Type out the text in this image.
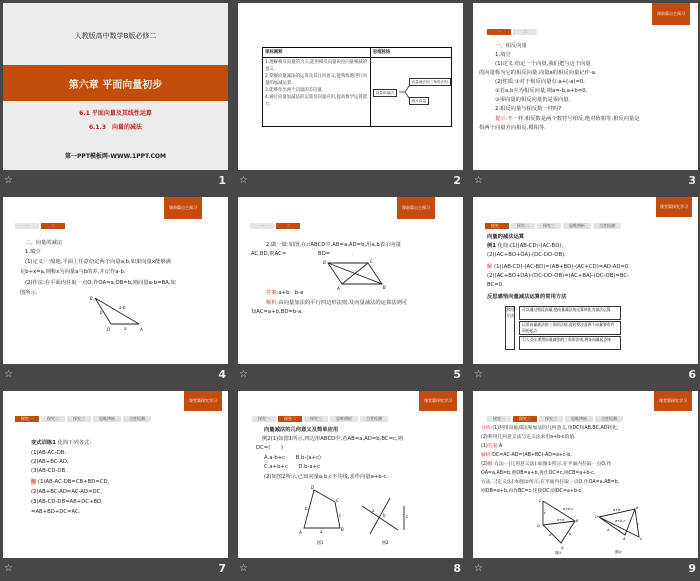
人教版高中数学B版必修二
第六章 平面向量初步
6.1 平面向量及其线性运算
6.1.3　向量的减法
第一PPT模板网-WWW.1PPT.COM
☆	1
课标阐释	思维脉络

1.理解相反向量的含义,能用相反向量说出向量相减的意义.
2.掌握向量减法的运算及其几何意义,能熟练地进行向量的加减运算.
3.能够作出两个向量的差向量.
4.通过向量加减法的运算及向量应用,提高数学运算能力.

向量的减法
向量减法的三角形法则
相反向量
☆	2
课前篇自主预习
一	二
一、相反向量
1.填空
(1)定义:给定一个向量,我们把与这个向量
的向量称为它的相反向量.向量a的相反向量记作-a.
(2)性质:①对于相反向量有:a+(-a)=0.
②若a,b互为相反向量,则a=-b,a+b=0.
③零向量的相反向量仍是零向量.
2.相反向量与相反数一样吗?
提示:不一样,相反数是两个数符号相反,绝对值相等,相反向量是
指两个向量方向相反,模相等.
☆	3
课前篇自主预习
一	二
二、向量的减法
1.填空
(1)定义:一般地,平面上任意给定两个向量a,b,如果向量x能够满
足b+x=a,则称x为向量a与b的差,并记作a-b.
(2)作法:在平面内任取一点O,作OA=a,OB=b,则向量a-b=BA,如
图所示.
B
O	A
b
a
a-b
☆	4
课前篇自主预习
一	二
2.做一做:如图,在▱ABCD中,AB=a,AD=b,用a,b表示向量
AC,BD,则AC=　　　　　　BD=　　　　.
D	C
A	B
答案:a+b　b-a
解析:由向量加法的平行四边形法则,及向量减法的运算法则可
知AC=a+b,BD=b-a.
☆	5
课堂篇探究学习
探究一	探究二	探究三	思维辨析	当堂检测
向量的减法运算
例1 化简:(1)(AB-CD)-(AC-BD);
(2)(AC+BO+OA)-(DC-DO-OB).
解 (1)(AB-CD)-(AC-BD)=(AB+BD)-(AC+CD)=AD-AD=0.
(2)(AC+BO+OA)-(DC-DO-OB)=(AC+BA)-(OC-OB)=BC-
BC=0.
反思感悟向量减法运算的常用方法
常用方法
可以通过相反向量,把向量减法的运算转化为加法运算
运用向量减法的三角形法则,此时要注意两个向量要有共同的起点
引入点O,逆用向量减法的三角形法则,将各向量起点统一
☆	6
课堂篇探究学习
探究一	探究二	探究三	思维辨析	当堂检测
变式训练1 化简下列各式:
(1)AB-AC-DB;
(2)AB+BC-AD;
(3)AB-CD-DB.
解 (1)AB-AC-DB=CB+BD=CD.
(2)AB+BC-AD=AC-AD=DC.
(3)AB-CD-DB=AB+DC+BD
=AB+BD+DC=AC.
☆	7
课堂篇探究学习
探究一	探究二	探究三	思维辨析	当堂检测
向量减法的几何意义及简单应用
例2(1)如图1所示,四边形ABCD中,若AB=a,AD=b,BC=c,则
DC=(　　)
A.a-b+c　　B.b-(a+c)
C.a+b+c　　D.b-a+c
(2)如图2所示,已知向量a,b,c不共线,求作向量a+b-c.
D
C
B
A
b
a
c
图1
a
b	c
图2
☆	8
课堂篇探究学习
探究一	探究二	探究三	思维辨析	当堂检测
分析:(1)利用向量减法和加法的几何意义,用DC和AB,BC,AD转化;
(2)利用几何意义法与定义法求出a+b-c的值.
(1)答案:A
解析:DC=AC-AD=(AB+BC)-AD=a+c-b.
(2)解 方法一(几何意义法):如图①所示,在平面内任取一点O,作
OA=a,AB=b,则OB=a+b,再作OC=c,则CB=a+b-c.
方法二(定义法):如图②所示,在平面内任取一点O,作OA=a,AB=b,
则OB=a+b,再作BC=c,连接OC,则OC=a+b-c.
C
O
B
A
c
a	b
a+b
a+b-c
图①
O
B
A	C
a+b
a+b-c
c
a
图②
☆	9
